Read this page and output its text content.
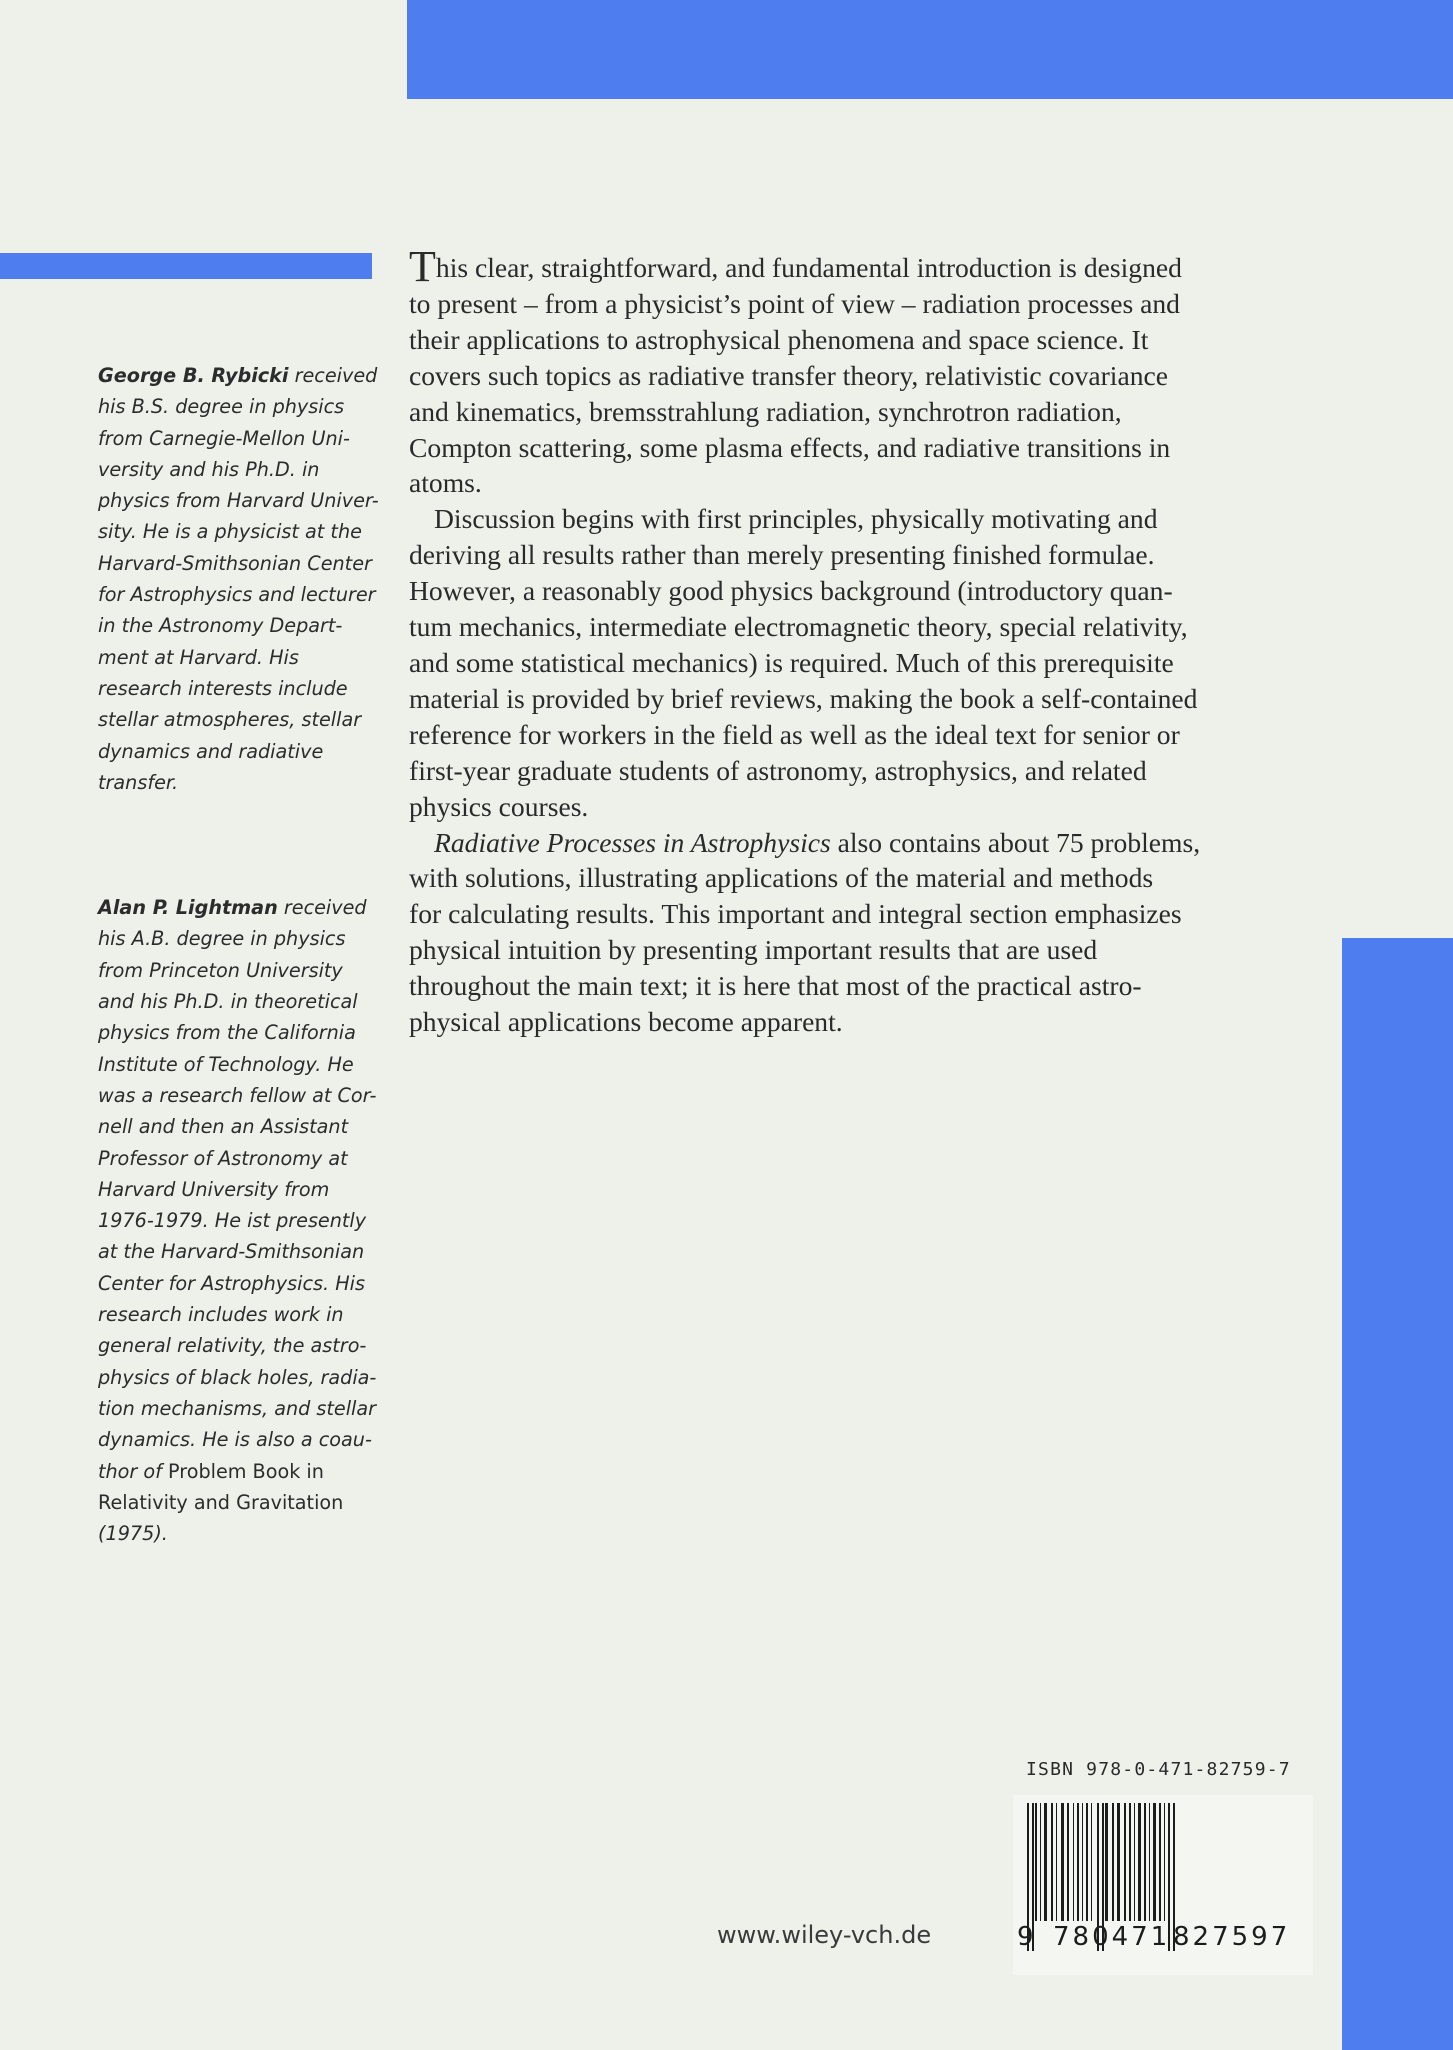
George B. Rybicki received
his B.S. degree in physics
from Carnegie-Mellon Uni-
versity and his Ph.D. in
physics from Harvard Univer-
sity. He is a physicist at the
Harvard-Smithsonian Center
for Astrophysics and lecturer
in the Astronomy Depart-
ment at Harvard. His
research interests include
stellar atmospheres, stellar
dynamics and radiative
transfer.
Alan P. Lightman received
his A.B. degree in physics
from Princeton University
and his Ph.D. in theoretical
physics from the California
Institute of Technology. He
was a research fellow at Cor-
nell and then an Assistant
Professor of Astronomy at
Harvard University from
1976-1979. He ist presently
at the Harvard-Smithsonian
Center for Astrophysics. His
research includes work in
general relativity, the astro-
physics of black holes, radia-
tion mechanisms, and stellar
dynamics. He is also a coau-
thor of Problem Book in
Relativity and Gravitation
(1975).
This clear, straightforward, and fundamental introduction is designed
to present – from a physicist’s point of view – radiation processes and
their applications to astrophysical phenomena and space science. It
covers such topics as radiative transfer theory, relativistic covariance
and kinematics, bremsstrahlung radiation, synchrotron radiation,
Compton scattering, some plasma effects, and radiative transitions in
atoms.
Discussion begins with first principles, physically motivating and
deriving all results rather than merely presenting finished formulae.
However, a reasonably good physics background (introductory quan-
tum mechanics, intermediate electromagnetic theory, special relativity,
and some statistical mechanics) is required. Much of this prerequisite
material is provided by brief reviews, making the book a self-contained
reference for workers in the field as well as the ideal text for senior or
first-year graduate students of astronomy, astrophysics, and related
physics courses.
Radiative Processes in Astrophysics also contains about 75 problems,
with solutions, illustrating applications of the material and methods
for calculating results. This important and integral section emphasizes
physical intuition by presenting important results that are used
throughout the main text; it is here that most of the practical astro-
physical applications become apparent.
ISBN 978-0-471-82759-7
9 780471 827597
www.wiley-vch.de
